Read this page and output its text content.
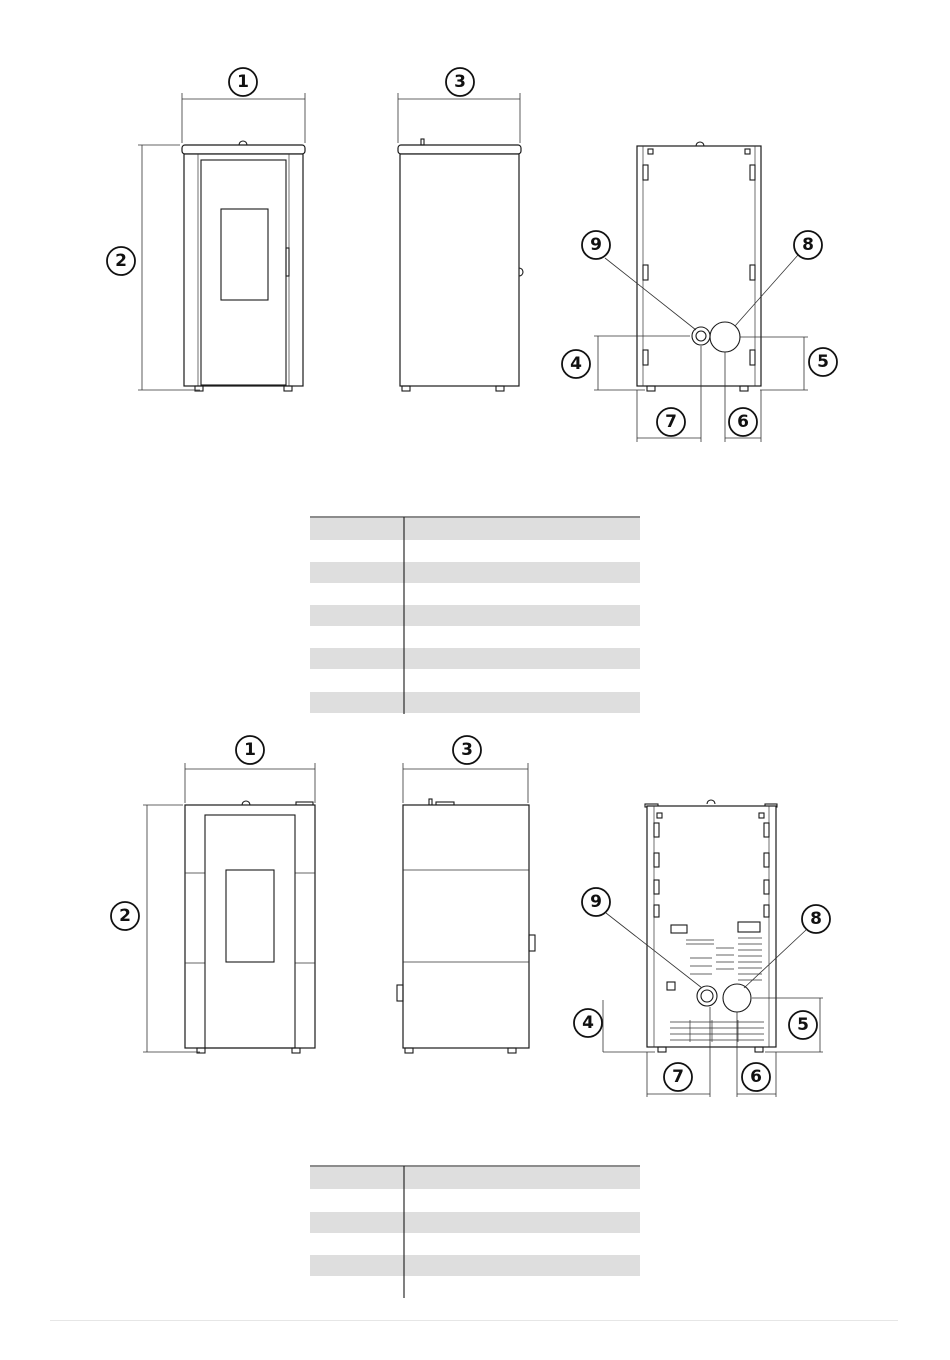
1
2
3
9	8
4	5
7	6
1
2
3
9
8
4	5
7	6
